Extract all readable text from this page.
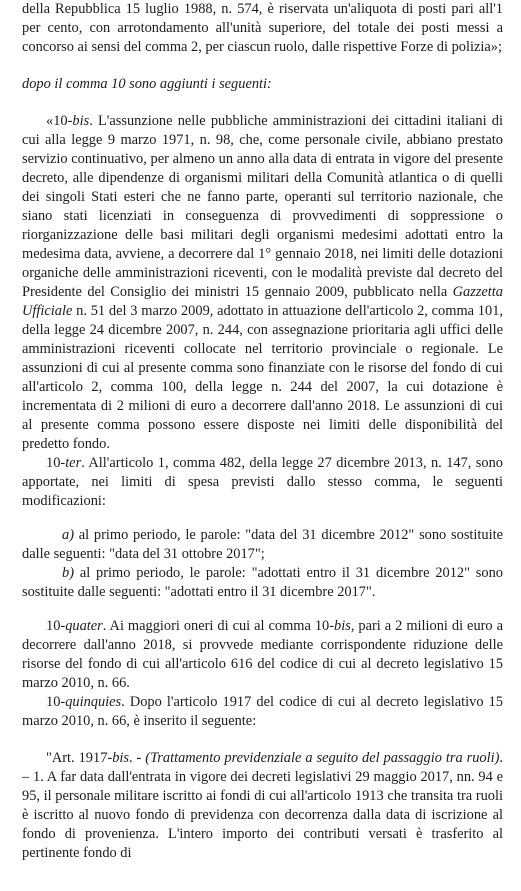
della Repubblica 15 luglio 1988, n. 574, è riservata un'aliquota di posti pari all'1 per cento, con arrotondamento all'unità superiore, del totale dei posti messi a concorso ai sensi del comma 2, per ciascun ruolo, dalle rispettive Forze di polizia»;

dopo il comma 10 sono aggiunti i seguenti:

«10-bis. L'assunzione nelle pubbliche amministrazioni dei cittadini italiani di cui alla legge 9 marzo 1971, n. 98, che, come personale civile, abbiano prestato servizio continuativo, per almeno un anno alla data di entrata in vigore del presente decreto, alle dipendenze di organismi militari della Comunità atlantica o di quelli dei singoli Stati esteri che ne fanno parte, operanti sul territorio nazionale, che siano stati licenziati in conseguenza di provvedimenti di soppressione o riorganizzazione delle basi militari degli organismi medesimi adottati entro la medesima data, avviene, a decorrere dal 1° gennaio 2018, nei limiti delle dotazioni organiche delle amministrazioni riceventi, con le modalità previste dal decreto del Presidente del Consiglio dei ministri 15 gennaio 2009, pubblicato nella Gazzetta Ufficiale n. 51 del 3 marzo 2009, adottato in attuazione dell'articolo 2, comma 101, della legge 24 dicembre 2007, n. 244, con assegnazione prioritaria agli uffici delle amministrazioni riceventi collocate nel territorio provinciale o regionale. Le assunzioni di cui al presente comma sono finanziate con le risorse del fondo di cui all'articolo 2, comma 100, della legge n. 244 del 2007, la cui dotazione è incrementata di 2 milioni di euro a decorrere dall'anno 2018. Le assunzioni di cui al presente comma possono essere disposte nei limiti delle disponibilità del predetto fondo.

10-ter. All'articolo 1, comma 482, della legge 27 dicembre 2013, n. 147, sono apportate, nei limiti di spesa previsti dallo stesso comma, le seguenti modificazioni:

a) al primo periodo, le parole: "data del 31 dicembre 2012" sono sostituite dalle seguenti: "data del 31 ottobre 2017";

b) al primo periodo, le parole: "adottati entro il 31 dicembre 2012" sono sostituite dalle seguenti: "adottati entro il 31 dicembre 2017".

10-quater. Ai maggiori oneri di cui al comma 10-bis, pari a 2 milioni di euro a decorrere dall'anno 2018, si provvede mediante corrispondente riduzione delle risorse del fondo di cui all'articolo 616 del codice di cui al decreto legislativo 15 marzo 2010, n. 66.

10-quinquies. Dopo l'articolo 1917 del codice di cui al decreto legislativo 15 marzo 2010, n. 66, è inserito il seguente:

"Art. 1917-bis. - (Trattamento previdenziale a seguito del passaggio tra ruoli). – 1. A far data dall'entrata in vigore dei decreti legislativi 29 maggio 2017, nn. 94 e 95, il personale militare iscritto ai fondi di cui all'articolo 1913 che transita tra ruoli è iscritto al nuovo fondo di previdenza con decorrenza dalla data di iscrizione al fondo di provenienza. L'intero importo dei contributi versati è trasferito al pertinente fondo di
